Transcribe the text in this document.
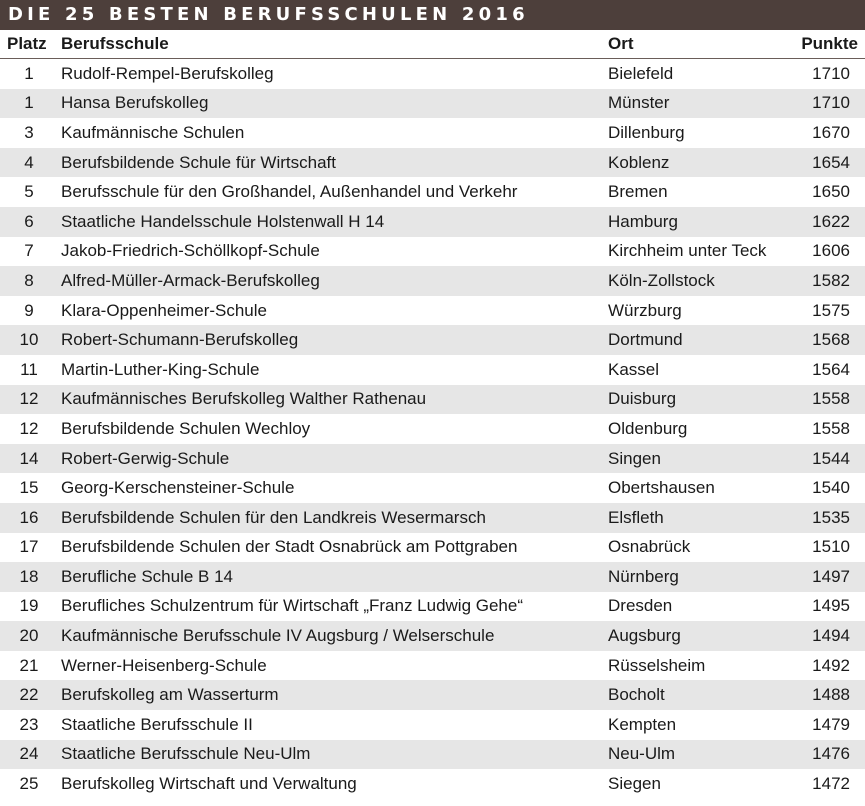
DIE 25 BESTEN BERUFSSCHULEN 2016
Platz Berufsschule	Ort	Punkte
1	Rudolf-Rempel-Berufskolleg	Bielefeld	1710
1	Hansa Berufskolleg	Münster	1710
3	Kaufmännische Schulen	Dillenburg	1670
4	Berufsbildende Schule für Wirtschaft	Koblenz	1654
5	Berufsschule für den Großhandel, Außenhandel und Verkehr	Bremen	1650
6	Staatliche Handelsschule Holstenwall H 14	Hamburg	1622
7	Jakob-Friedrich-Schöllkopf-Schule	Kirchheim unter Teck	1606
8	Alfred-Müller-Armack-Berufskolleg	Köln-Zollstock	1582
9	Klara-Oppenheimer-Schule	Würzburg	1575
10	Robert-Schumann-Berufskolleg	Dortmund	1568
11	Martin-Luther-King-Schule	Kassel	1564
12	Kaufmännisches Berufskolleg Walther Rathenau	Duisburg	1558
12	Berufsbildende Schulen Wechloy	Oldenburg	1558
14	Robert-Gerwig-Schule	Singen	1544
15	Georg-Kerschensteiner-Schule	Obertshausen	1540
16	Berufsbildende Schulen für den Landkreis Wesermarsch	Elsfleth	1535
17	Berufsbildende Schulen der Stadt Osnabrück am Pottgraben	Osnabrück	1510
18	Berufliche Schule B 14	Nürnberg	1497
19	Berufliches Schulzentrum für Wirtschaft „Franz Ludwig Gehe“	Dresden	1495
20	Kaufmännische Berufsschule IV Augsburg / Welserschule	Augsburg	1494
21	Werner-Heisenberg-Schule	Rüsselsheim	1492
22	Berufskolleg am Wasserturm	Bocholt	1488
23	Staatliche Berufsschule II	Kempten	1479
24	Staatliche Berufsschule Neu-Ulm	Neu-Ulm	1476
25	Berufskolleg Wirtschaft und Verwaltung	Siegen	1472
